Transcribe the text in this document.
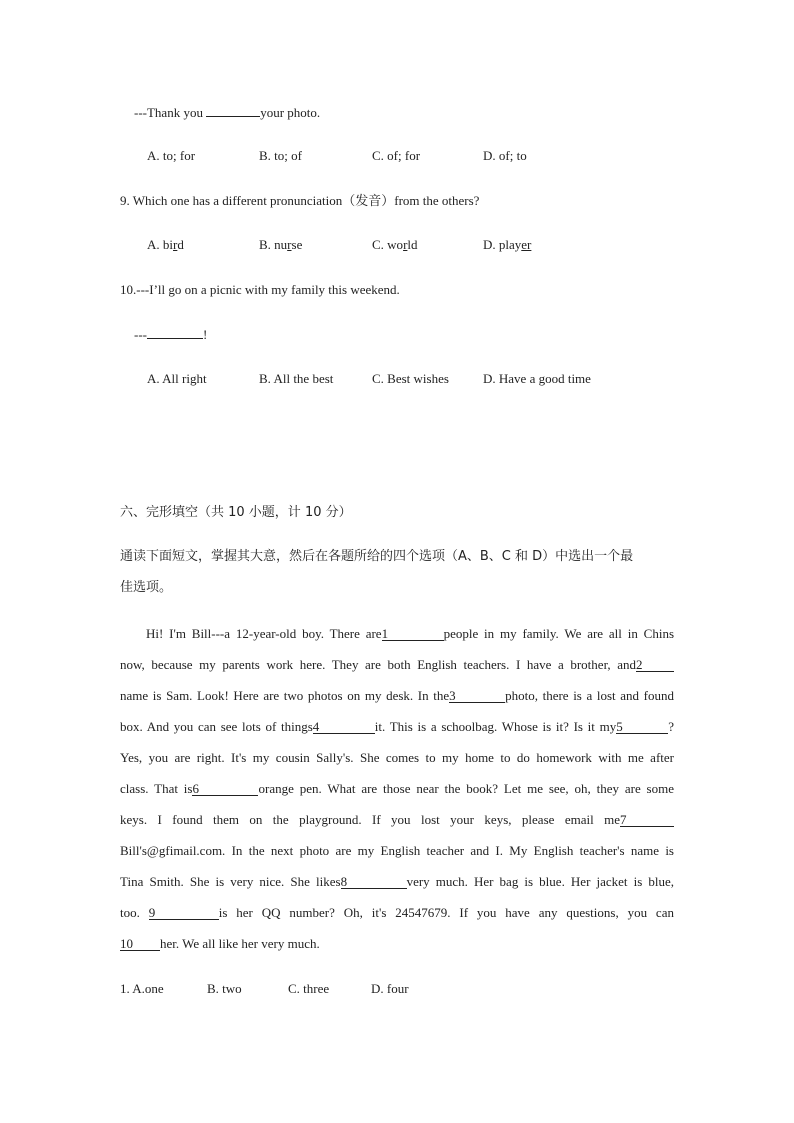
---Thank you	your photo.
A. to; for	B. to; of	C. of; for	D. of; to
9. Which one has a different pronunciation（发音）from the others?
A. bird	B. nurse	C. world	D. player
10.---I’ll go on a picnic with my family this weekend.
---	!
A. All right	B. All the best	C. Best wishes	D. Have a good time
六、完形填空（共 10 小题，计 10 分）
通读下面短文，掌握其大意，然后在各题所给的四个选项（A、B、C 和 D）中选出一个最
佳选项。
Hi! I'm Bill---a 12-year-old boy. There are1	people in my family. We are all in Chins
now, because my parents work here. They are both English teachers. I have a brother, and2
name is Sam. Look! Here are two photos on my desk. In the3	photo, there is a lost and found
box. And you can see lots of things4	it. This is a schoolbag. Whose is it? Is it my5	?
Yes, you are right. It's my cousin Sally's. She comes to my home to do homework with me after
class. That is6	orange pen. What are those near the book? Let me see, oh, they are some
keys. I found them on the playground. If you lost your keys, please email me7
Bill's@gfimail.com. In the next photo are my English teacher and I. My English teacher's name is
Tina Smith. She is very nice. She likes8	very much. Her bag is blue. Her jacket is blue,
too. 9	is her QQ number? Oh, it's 24547679. If you have any questions, you can
10 her. We all like her very much.
1. A.one	B. two	C. three	D. four
